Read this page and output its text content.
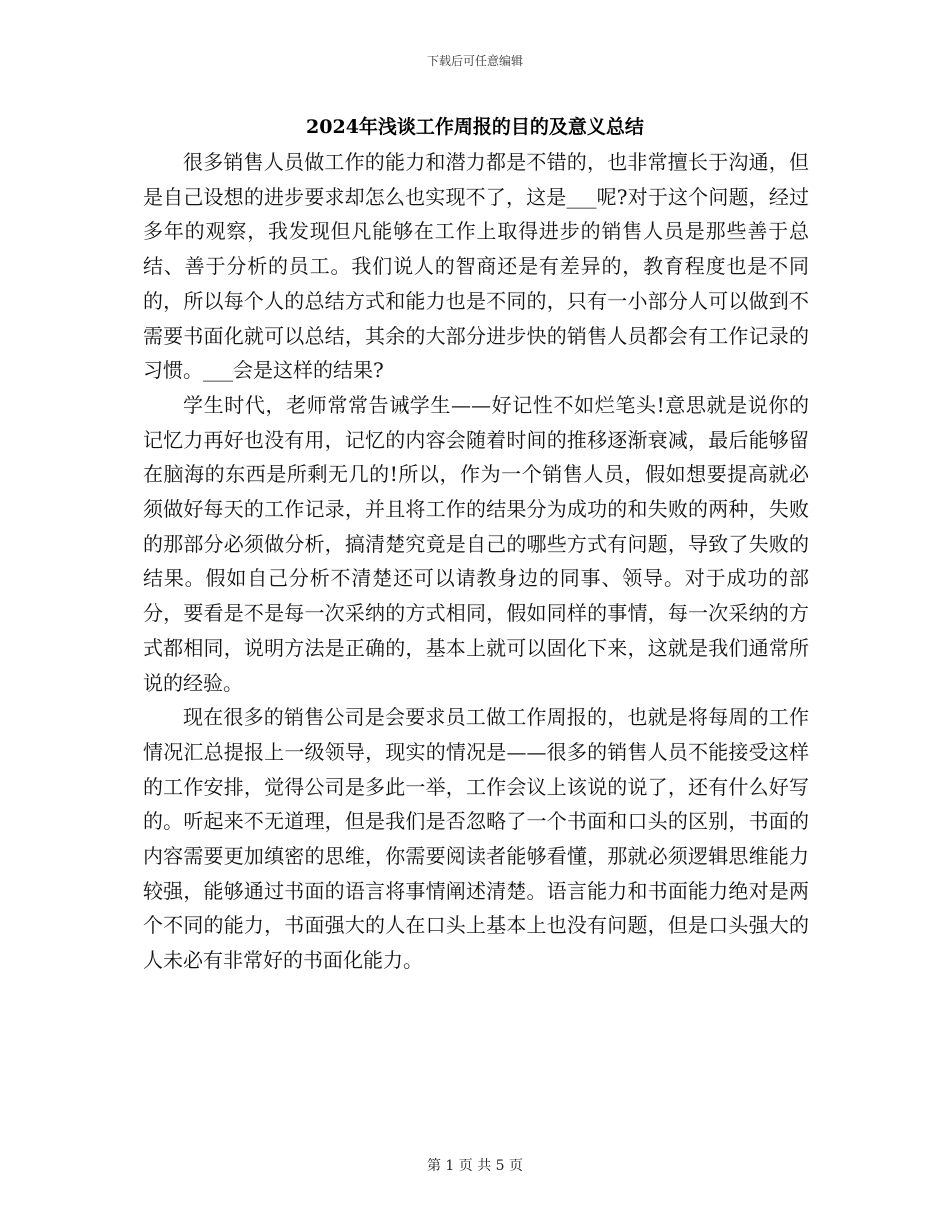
下载后可任意编辑
2024年浅谈工作周报的目的及意义总结

很多销售人员做工作的能力和潜力都是不错的，也非常擅长于沟通，但是自己设想的进步要求却怎么也实现不了，这是___呢?对于这个问题，经过多年的观察，我发现但凡能够在工作上取得进步的销售人员是那些善于总结、善于分析的员工。我们说人的智商还是有差异的，教育程度也是不同的，所以每个人的总结方式和能力也是不同的，只有一小部分人可以做到不需要书面化就可以总结，其余的大部分进步快的销售人员都会有工作记录的习惯。___会是这样的结果?

学生时代，老师常常告诫学生——好记性不如烂笔头!意思就是说你的记忆力再好也没有用，记忆的内容会随着时间的推移逐渐衰减，最后能够留在脑海的东西是所剩无几的!所以，作为一个销售人员，假如想要提高就必须做好每天的工作记录，并且将工作的结果分为成功的和失败的两种，失败的那部分必须做分析，搞清楚究竟是自己的哪些方式有问题，导致了失败的结果。假如自己分析不清楚还可以请教身边的同事、领导。对于成功的部分，要看是不是每一次采纳的方式相同，假如同样的事情，每一次采纳的方式都相同，说明方法是正确的，基本上就可以固化下来，这就是我们通常所说的经验。

现在很多的销售公司是会要求员工做工作周报的，也就是将每周的工作情况汇总提报上一级领导，现实的情况是——很多的销售人员不能接受这样的工作安排，觉得公司是多此一举，工作会议上该说的说了，还有什么好写的。听起来不无道理，但是我们是否忽略了一个书面和口头的区别，书面的内容需要更加缜密的思维，你需要阅读者能够看懂，那就必须逻辑思维能力较强，能够通过书面的语言将事情阐述清楚。语言能力和书面能力绝对是两个不同的能力，书面强大的人在口头上基本上也没有问题，但是口头强大的人未必有非常好的书面化能力。

第 1 页 共 5 页
